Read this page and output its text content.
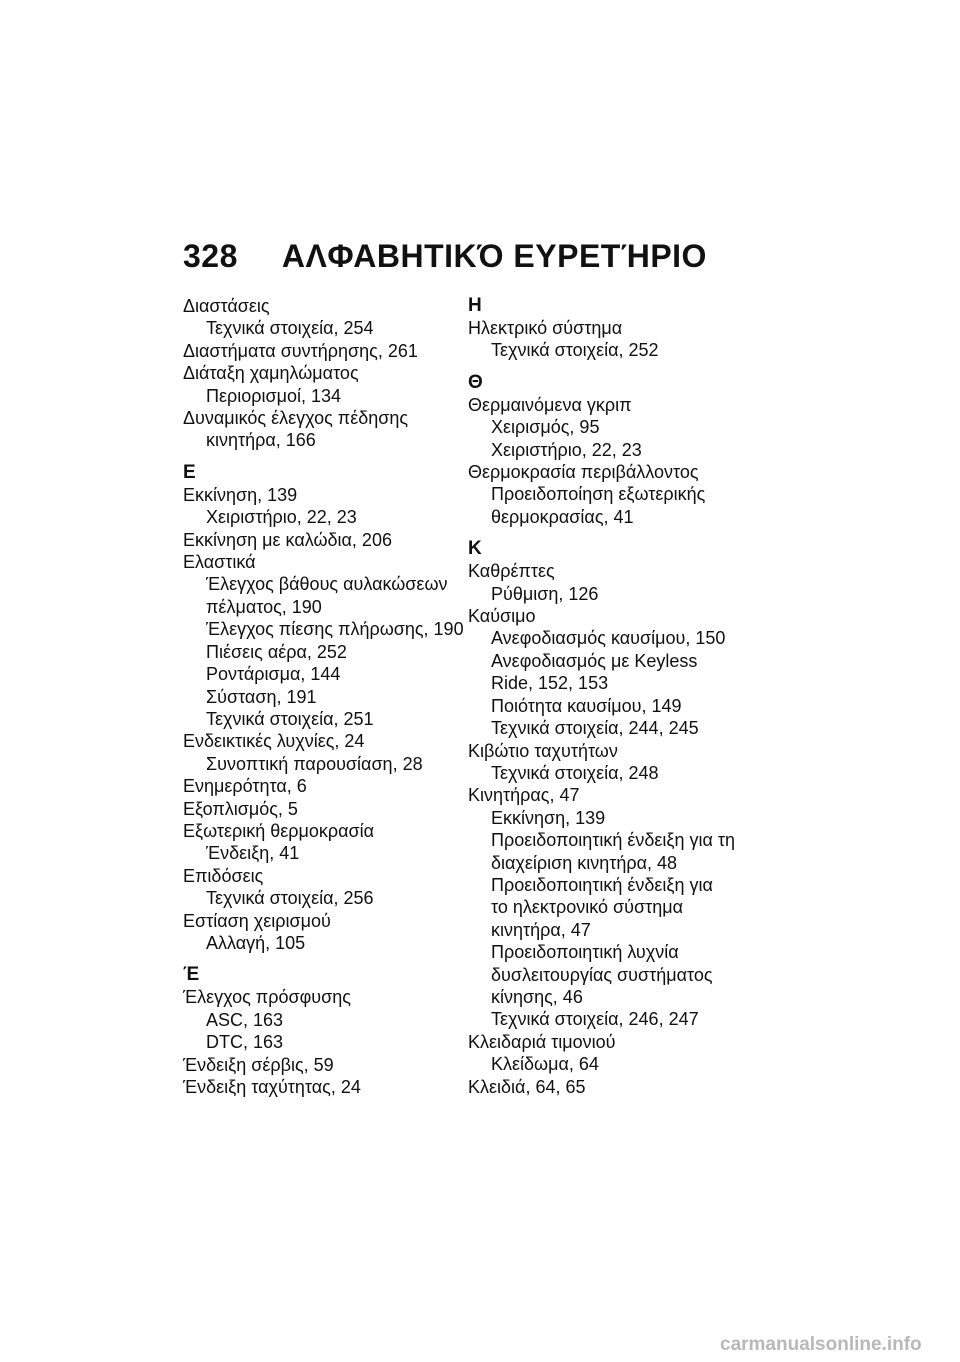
328 ΑΛΦΑΒΗΤΙΚΌ ΕΥΡΕΤΉΡΙΟ
Διαστάσεις
Τεχνικά στοιχεία, 254
Διαστήματα συντήρησης, 261
Διάταξη χαμηλώματος
Περιορισμοί, 134
Δυναμικός έλεγχος πέδησης
κινητήρα, 166
Ε
Εκκίνηση, 139
Χειριστήριο, 22, 23
Εκκίνηση με καλώδια, 206
Ελαστικά
Έλεγχος βάθους αυλακώσεων
πέλματος, 190
Έλεγχος πίεσης πλήρωσης, 190
Πιέσεις αέρα, 252
Ροντάρισμα, 144
Σύσταση, 191
Τεχνικά στοιχεία, 251
Ενδεικτικές λυχνίες, 24
Συνοπτική παρουσίαση, 28
Ενημερότητα, 6
Εξοπλισμός, 5
Εξωτερική θερμοκρασία
Ένδειξη, 41
Επιδόσεις
Τεχνικά στοιχεία, 256
Εστίαση χειρισμού
Αλλαγή, 105
Έ
Έλεγχος πρόσφυσης
ASC, 163
DTC, 163
Ένδειξη σέρβις, 59
Ένδειξη ταχύτητας, 24
Η
Ηλεκτρικό σύστημα
Τεχνικά στοιχεία, 252
Θ
Θερμαινόμενα γκριπ
Χειρισμός, 95
Χειριστήριο, 22, 23
Θερμοκρασία περιβάλλοντος
Προειδοποίηση εξωτερικής
θερμοκρασίας, 41
Κ
Καθρέπτες
Ρύθμιση, 126
Καύσιμο
Ανεφοδιασμός καυσίμου, 150
Ανεφοδιασμός με Keyless
Ride, 152, 153
Ποιότητα καυσίμου, 149
Τεχνικά στοιχεία, 244, 245
Κιβώτιο ταχυτήτων
Τεχνικά στοιχεία, 248
Κινητήρας, 47
Εκκίνηση, 139
Προειδοποιητική ένδειξη για τη
διαχείριση κινητήρα, 48
Προειδοποιητική ένδειξη για
το ηλεκτρονικό σύστημα
κινητήρα, 47
Προειδοποιητική λυχνία
δυσλειτουργίας συστήματος
κίνησης, 46
Τεχνικά στοιχεία, 246, 247
Κλειδαριά τιμονιού
Κλείδωμα, 64
Κλειδιά, 64, 65
carmanualsonline.info
